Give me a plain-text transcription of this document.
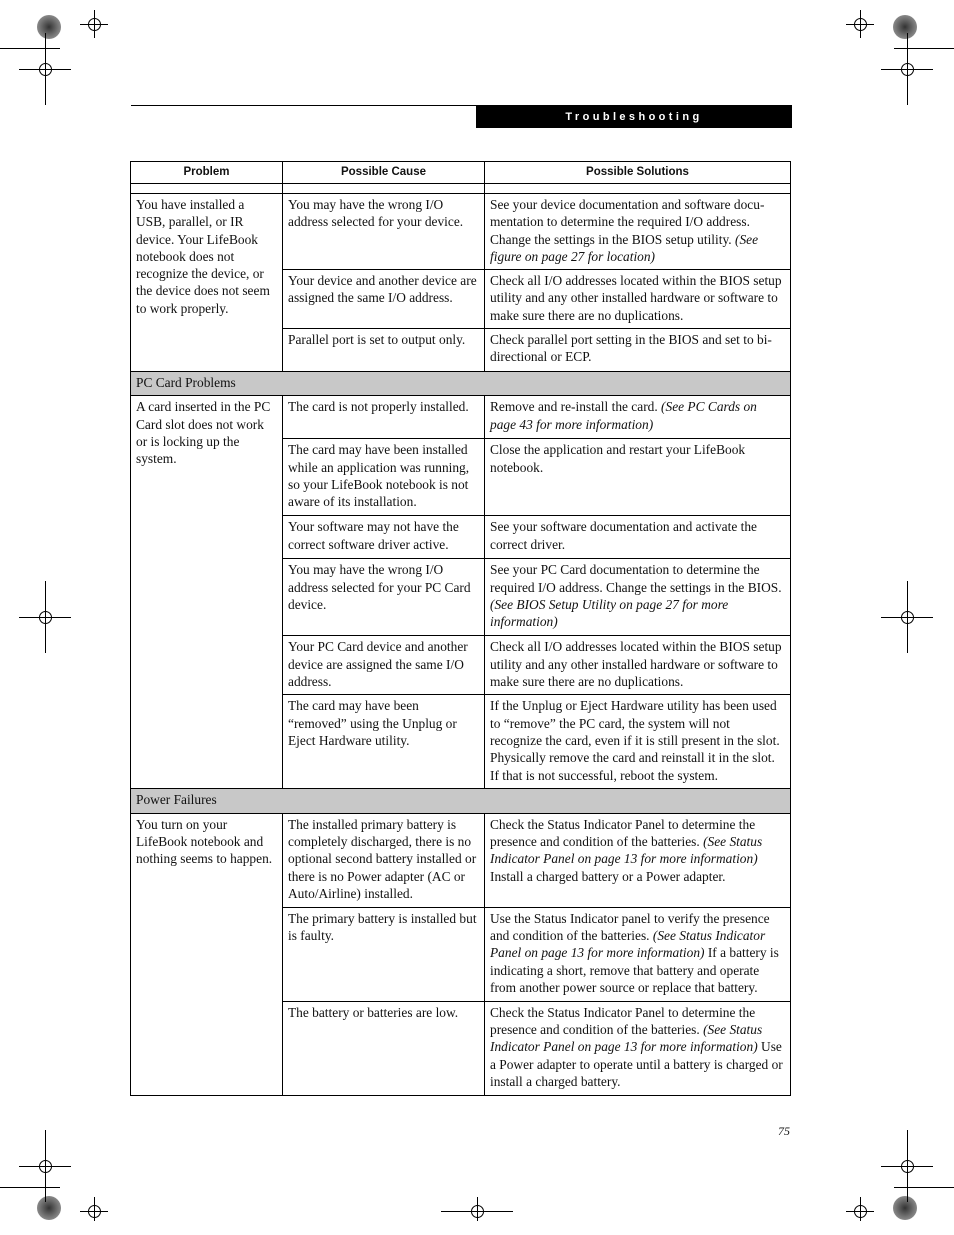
Troubleshooting
Problem	Possible Cause	Possible Solutions

You have installed a USB, parallel, or IR device. Your LifeBook notebook does not recognize the device, or the device does not seem to work properly.	You may have the wrong I/O address selected for your device.	See your device documentation and software docu-mentation to determine the required I/O address. Change the settings in the BIOS setup utility. (See figure on page 27 for location)
	Your device and another device are assigned the same I/O address.	Check all I/O addresses located within the BIOS setup utility and any other installed hardware or software to make sure there are no duplications.
	Parallel port is set to output only.	Check parallel port setting in the BIOS and set to bi-directional or ECP.
PC Card Problems		
A card inserted in the PC Card slot does not work or is locking up the system.	The card is not properly installed.	Remove and re-install the card. (See PC Cards on page 43 for more information)
	The card may have been installed while an application was running, so your LifeBook notebook is not aware of its installation.	Close the application and restart your LifeBook notebook.
	Your software may not have the correct software driver active.	See your software documentation and activate the correct driver.
	You may have the wrong I/O address selected for your PC Card device.	See your PC Card documentation to determine the required I/O address. Change the settings in the BIOS. (See BIOS Setup Utility on page 27 for more information)
	Your PC Card device and another device are assigned the same I/O address.	Check all I/O addresses located within the BIOS setup utility and any other installed hardware or software to make sure there are no duplications.
	The card may have been “removed” using the Unplug or Eject Hardware utility.	If the Unplug or Eject Hardware utility has been used to “remove” the PC card, the system will not recognize the card, even if it is still present in the slot. Physically remove the card and reinstall it in the slot. If that is not successful, reboot the system.
Power Failures		
You turn on your LifeBook notebook and nothing seems to happen.	The installed primary battery is completely discharged, there is no optional second battery installed or there is no Power adapter (AC or Auto/Airline) installed.	Check the Status Indicator Panel to determine the presence and condition of the batteries. (See Status Indicator Panel on page 13 for more information) Install a charged battery or a Power adapter.
	The primary battery is installed but is faulty.	Use the Status Indicator panel to verify the presence and condition of the batteries. (See Status Indicator Panel on page 13 for more information) If a battery is indicating a short, remove that battery and operate from another power source or replace that battery.
	The battery or batteries are low.	Check the Status Indicator Panel to determine the presence and condition of the batteries. (See Status Indicator Panel on page 13 for more information) Use a Power adapter to operate until a battery is charged or install a charged battery.
75
